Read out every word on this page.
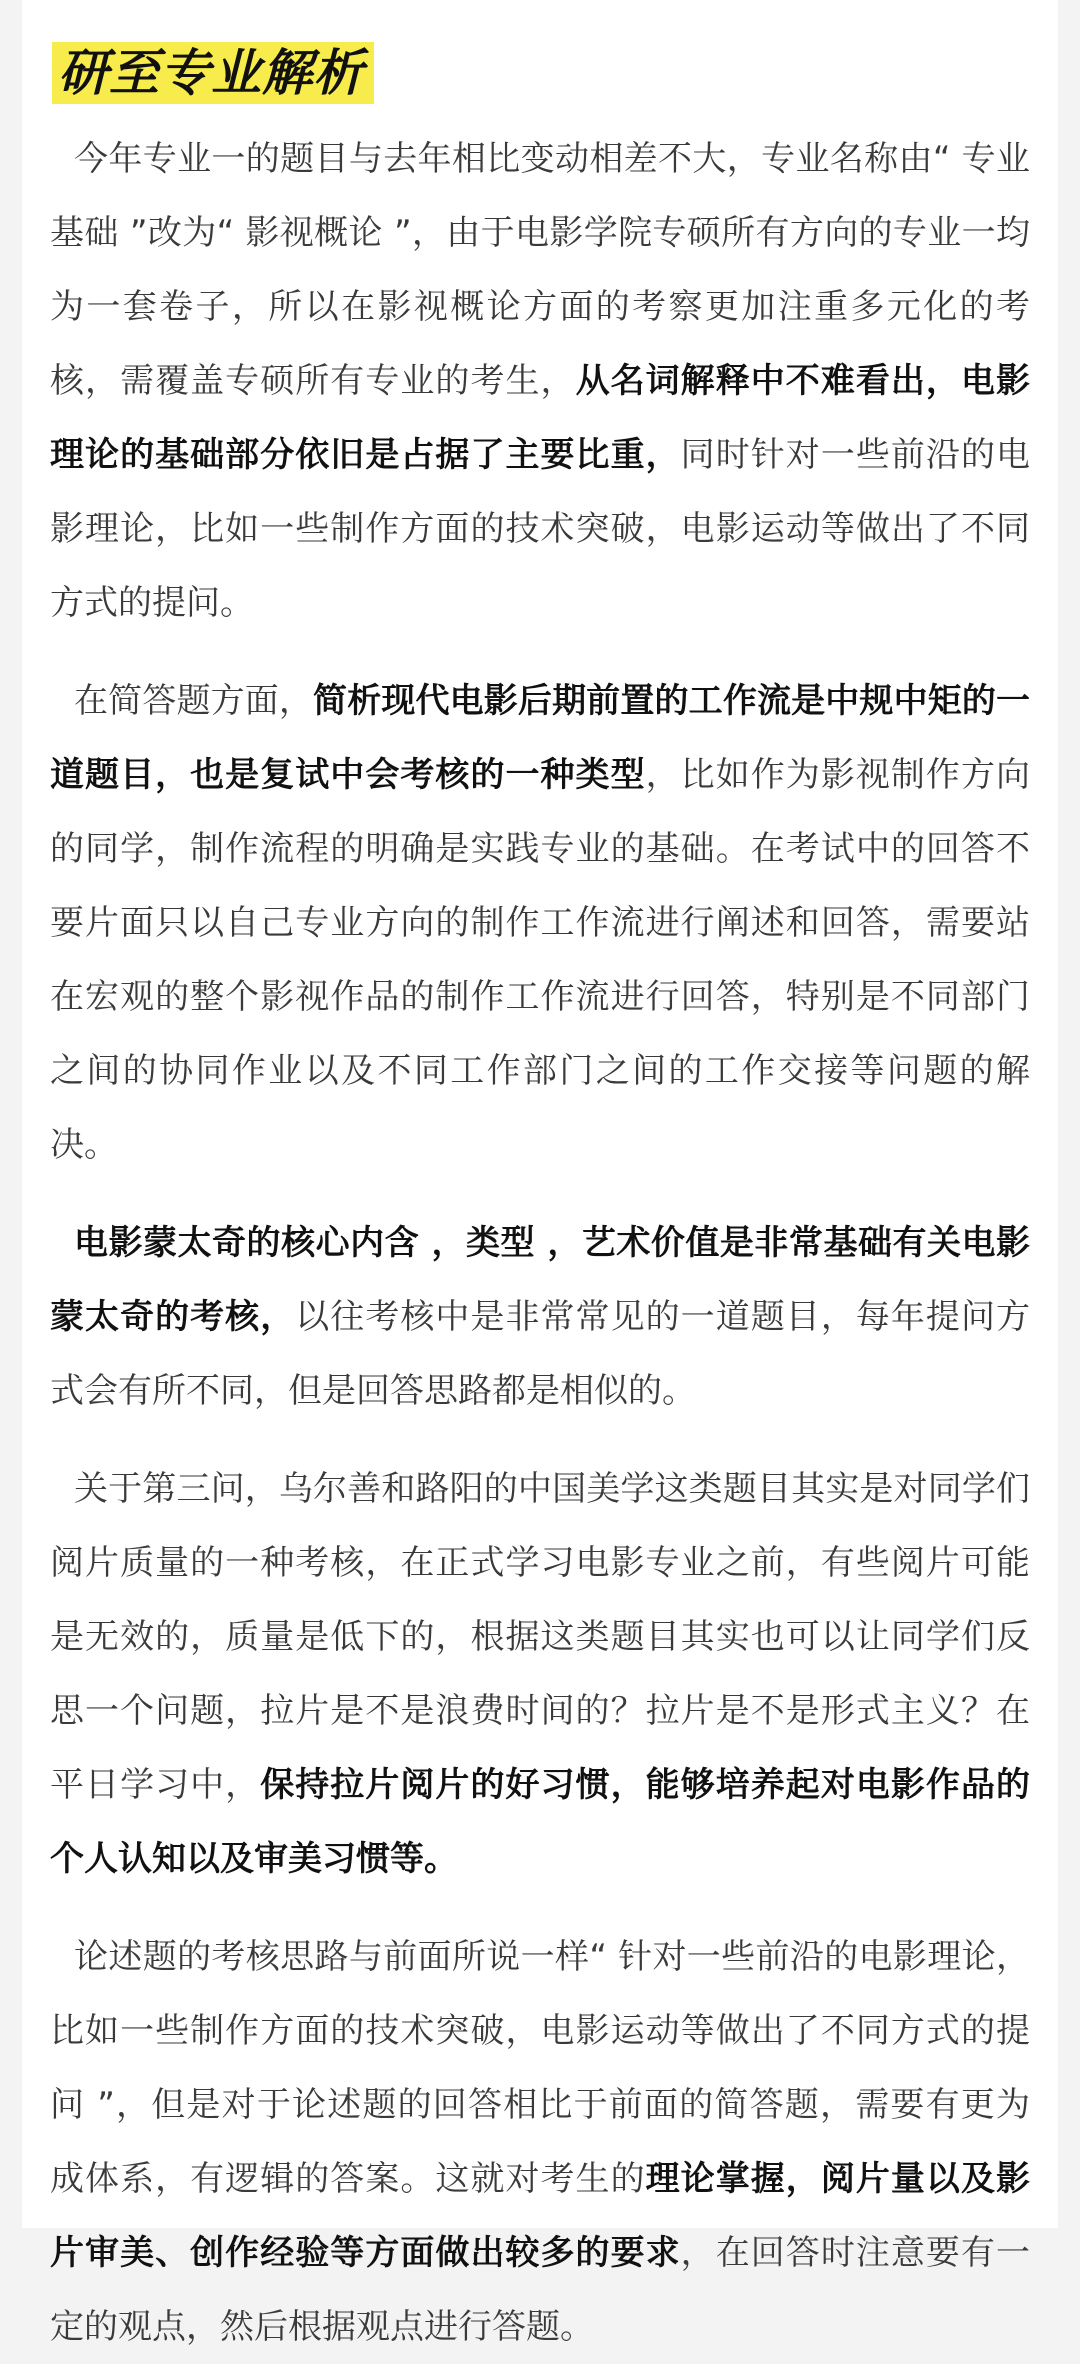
研至专业解析

今年专业一的题目与去年相比变动相差不大，专业名称由“ 专业基础 ”改为“ 影视概论 ”，由于电影学院专硕所有方向的专业一均为一套卷子，所以在影视概论方面的考察更加注重多元化的考核，需覆盖专硕所有专业的考生，从名词解释中不难看出，电影理论的基础部分依旧是占据了主要比重，同时针对一些前沿的电影理论，比如一些制作方面的技术突破，电影运动等做出了不同方式的提问。

在简答题方面，简析现代电影后期前置的工作流是中规中矩的一道题目，也是复试中会考核的一种类型，比如作为影视制作方向的同学，制作流程的明确是实践专业的基础。在考试中的回答不要片面只以自己专业方向的制作工作流进行阐述和回答，需要站在宏观的整个影视作品的制作工作流进行回答，特别是不同部门之间的协同作业以及不同工作部门之间的工作交接等问题的解决。

电影蒙太奇的核心内含 ，类型 ，艺术价值是非常基础有关电影蒙太奇的考核，以往考核中是非常常见的一道题目，每年提问方式会有所不同，但是回答思路都是相似的。

关于第三问，乌尔善和路阳的中国美学这类题目其实是对同学们阅片质量的一种考核，在正式学习电影专业之前，有些阅片可能是无效的，质量是低下的，根据这类题目其实也可以让同学们反思一个问题，拉片是不是浪费时间的？拉片是不是形式主义？在平日学习中，保持拉片阅片的好习惯，能够培养起对电影作品的个人认知以及审美习惯等。

论述题的考核思路与前面所说一样“ 针对一些前沿的电影理论，比如一些制作方面的技术突破，电影运动等做出了不同方式的提问 ”，但是对于论述题的回答相比于前面的简答题，需要有更为成体系，有逻辑的答案。这就对考生的理论掌握，阅片量以及影片审美、创作经验等方面做出较多的要求，在回答时注意要有一定的观点，然后根据观点进行答题。
